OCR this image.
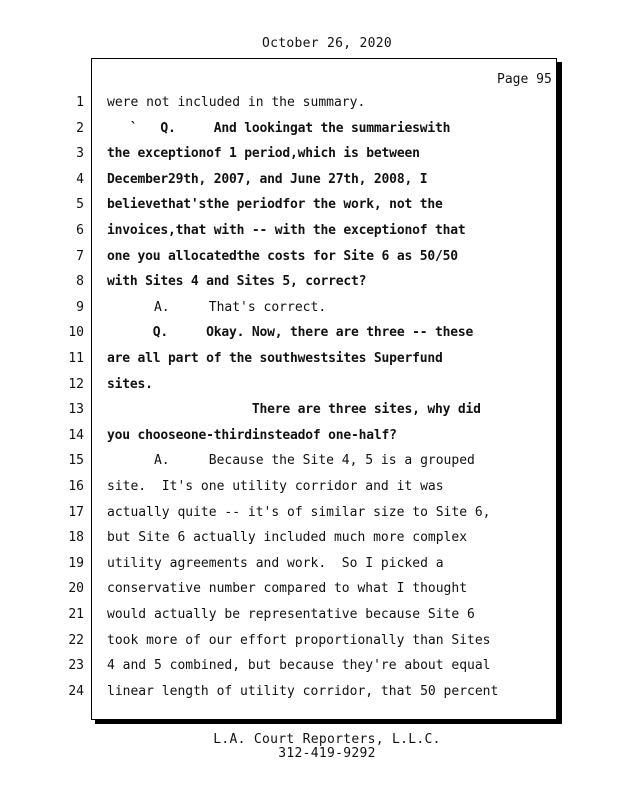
October 26, 2020
Page 95
1 were not included in the summary.
2 `   Q.     And lookingat the summarieswith
3 the exceptionof 1 period,which is between
4 December29th, 2007, and June 27th, 2008, I
5 believethat'sthe periodfor the work, not the
6 invoices,that with -- with the exceptionof that
7 one you allocatedthe costs for Site 6 as 50/50
8 with Sites 4 and Sites 5, correct?
9 A.     That's correct.
10 Q.     Okay. Now, there are three -- these
11 are all part of the southwestsites Superfund
12 sites.
13 There are three sites, why did
14 you chooseone-thirdinsteadof one-half?
15 A.     Because the Site 4, 5 is a grouped
16 site.  It's one utility corridor and it was
17 actually quite -- it's of similar size to Site 6,
18 but Site 6 actually included much more complex
19 utility agreements and work.  So I picked a
20 conservative number compared to what I thought
21 would actually be representative because Site 6
22 took more of our effort proportionally than Sites
23 4 and 5 combined, but because they're about equal
24 linear length of utility corridor, that 50 percent
L.A. Court Reporters, L.L.C.
312-419-9292
